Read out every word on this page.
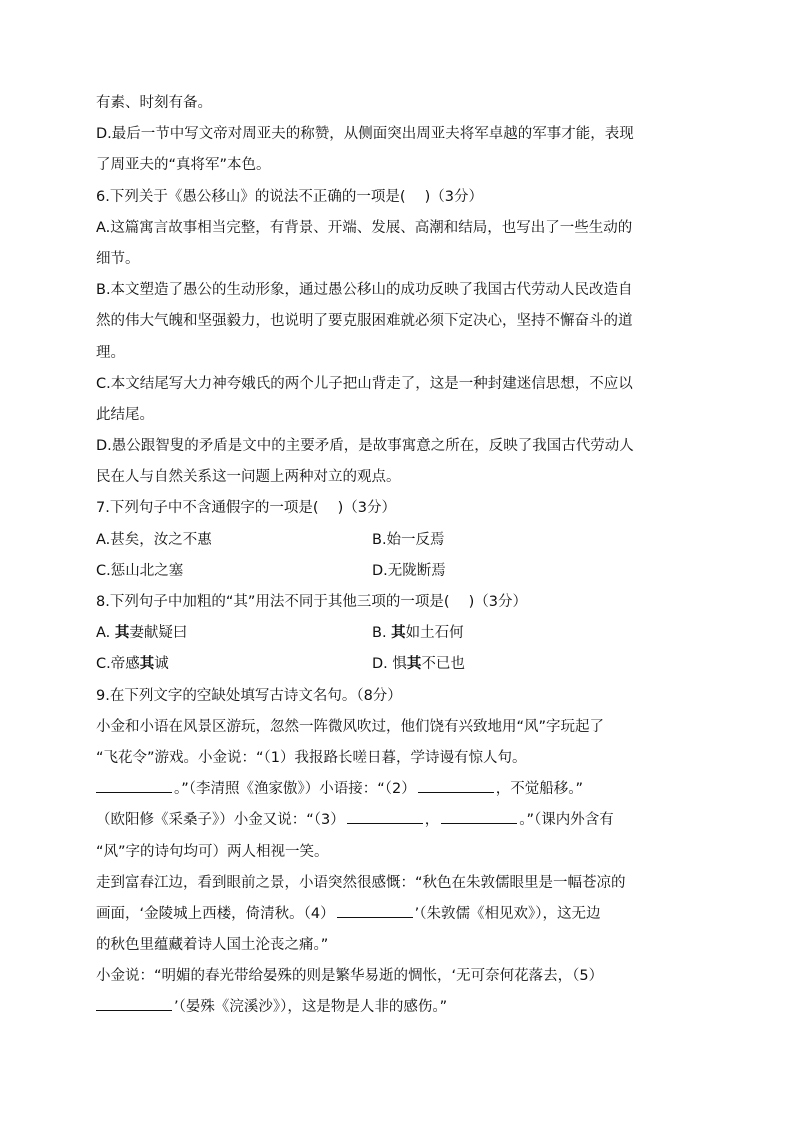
有素、时刻有备。
D.最后一节中写文帝对周亚夫的称赞，从侧面突出周亚夫将军卓越的军事才能，表现
了周亚夫的“真将军”本色。
6.下列关于《愚公移山》的说法不正确的一项是(　 )（3分）
A.这篇寓言故事相当完整，有背景、开端、发展、高潮和结局，也写出了一些生动的
细节。
B.本文塑造了愚公的生动形象，通过愚公移山的成功反映了我国古代劳动人民改造自
然的伟大气魄和坚强毅力，也说明了要克服困难就必须下定决心，坚持不懈奋斗的道
理。
C.本文结尾写大力神夸娥氏的两个儿子把山背走了，这是一种封建迷信思想，不应以
此结尾。
D.愚公跟智叟的矛盾是文中的主要矛盾，是故事寓意之所在，反映了我国古代劳动人
民在人与自然关系这一问题上两种对立的观点。
7.下列句子中不含通假字的一项是(　 )（3分）
A.甚矣，汝之不惠	B.始一反焉
C.惩山北之塞	D.无陇断焉
8.下列句子中加粗的“其”用法不同于其他三项的一项是(　 )（3分）
A. 其妻献疑曰	B. 其如土石何
C.帝感其诚	D. 惧其不已也
9.在下列文字的空缺处填写古诗文名句。（8分）
小金和小语在风景区游玩，忽然一阵微风吹过，他们饶有兴致地用“风”字玩起了
“飞花令”游戏。小金说：“（1）我报路长嗟日暮，学诗谩有惊人句。
。”（李清照《渔家傲》）小语接：“（2）	，不觉船移。”
（欧阳修《采桑子》）小金又说：“（3）	，	。”（课内外含有
“风”字的诗句均可）两人相视一笑。
走到富春江边，看到眼前之景，小语突然很感慨：“秋色在朱敦儒眼里是一幅苍凉的
画面，‘金陵城上西楼，倚清秋。（4）	’（朱敦儒《相见欢》），这无边
的秋色里蕴藏着诗人国土沦丧之痛。”
小金说：“明媚的春光带给晏殊的则是繁华易逝的惆怅，‘无可奈何花落去，（5）
’（晏殊《浣溪沙》），这是物是人非的感伤。”
